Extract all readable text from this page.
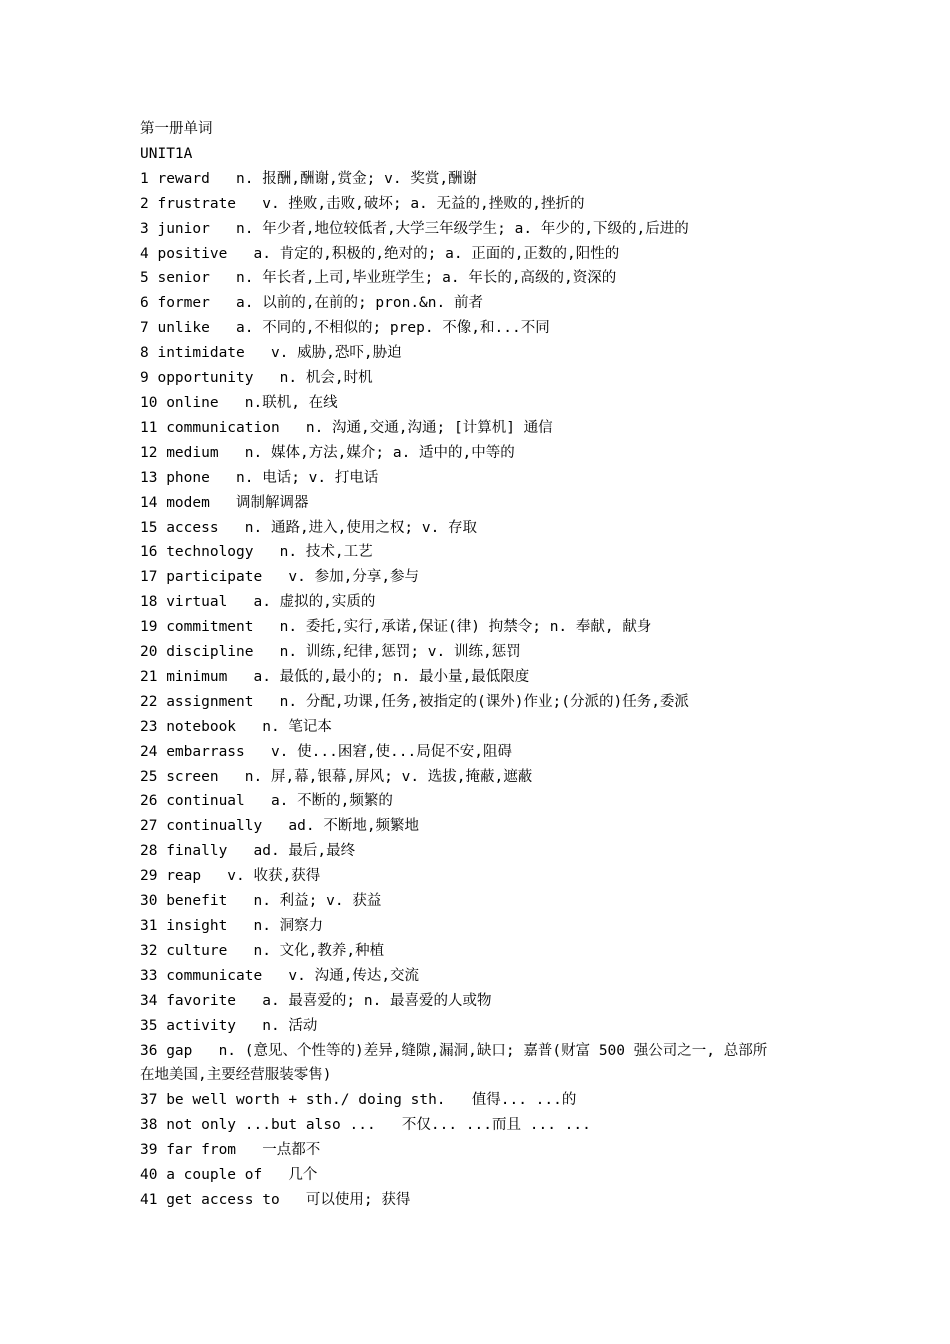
第一册单词
UNIT1A
1 reward   n. 报酬,酬谢,赏金; v. 奖赏,酬谢
2 frustrate   v. 挫败,击败,破坏; a. 无益的,挫败的,挫折的
3 junior   n. 年少者,地位较低者,大学三年级学生; a. 年少的,下级的,后进的
4 positive   a. 肯定的,积极的,绝对的; a. 正面的,正数的,阳性的
5 senior   n. 年长者,上司,毕业班学生; a. 年长的,高级的,资深的
6 former   a. 以前的,在前的; pron.&n. 前者
7 unlike   a. 不同的,不相似的; prep. 不像,和...不同
8 intimidate   v. 威胁,恐吓,胁迫
9 opportunity   n. 机会,时机
10 online   n.联机, 在线
11 communication   n. 沟通,交通,沟通; [计算机] 通信
12 medium   n. 媒体,方法,媒介; a. 适中的,中等的
13 phone   n. 电话; v. 打电话
14 modem   调制解调器
15 access   n. 通路,进入,使用之权; v. 存取
16 technology   n. 技术,工艺
17 participate   v. 参加,分享,参与
18 virtual   a. 虚拟的,实质的
19 commitment   n. 委托,实行,承诺,保证(律) 拘禁令; n. 奉献, 献身
20 discipline   n. 训练,纪律,惩罚; v. 训练,惩罚
21 minimum   a. 最低的,最小的; n. 最小量,最低限度
22 assignment   n. 分配,功课,任务,被指定的(课外)作业;(分派的)任务,委派
23 notebook   n. 笔记本
24 embarrass   v. 使...困窘,使...局促不安,阻碍
25 screen   n. 屏,幕,银幕,屏风; v. 选拔,掩蔽,遮蔽
26 continual   a. 不断的,频繁的
27 continually   ad. 不断地,频繁地
28 finally   ad. 最后,最终
29 reap   v. 收获,获得
30 benefit   n. 利益; v. 获益
31 insight   n. 洞察力
32 culture   n. 文化,教养,种植
33 communicate   v. 沟通,传达,交流
34 favorite   a. 最喜爱的; n. 最喜爱的人或物
35 activity   n. 活动
36 gap   n. (意见、个性等的)差异,缝隙,漏洞,缺口; 嘉普(财富 500 强公司之一, 总部所
在地美国,主要经营服装零售)
37 be well worth + sth./ doing sth.   值得... ...的
38 not only ...but also ...   不仅... ...而且 ... ...
39 far from   一点都不
40 a couple of   几个
41 get access to   可以使用; 获得
